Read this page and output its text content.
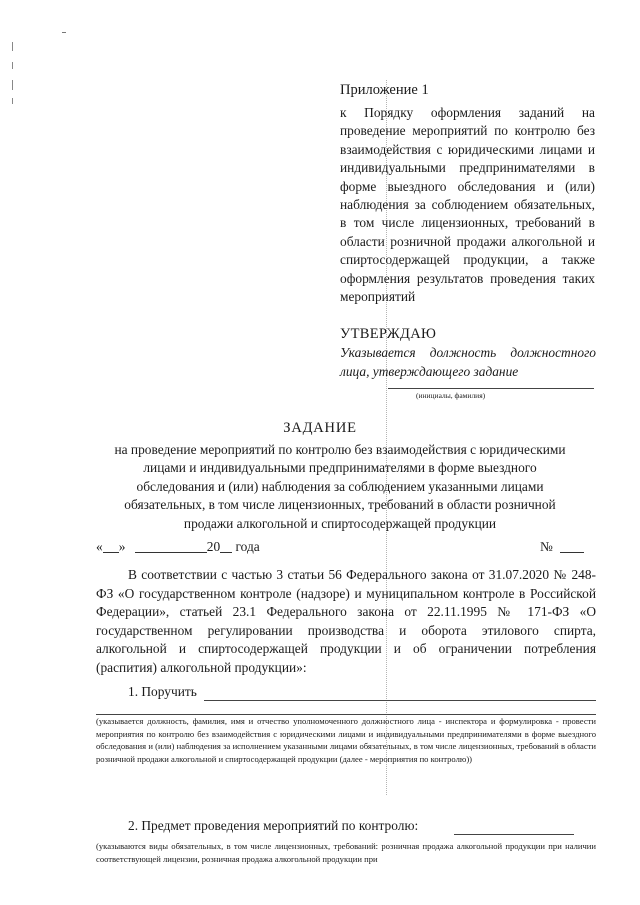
Приложение 1
к Порядку оформления заданий на проведение мероприятий по контролю без взаимодействия с юридическими лицами и индивидуальными предпринимателями в форме выездного обследования и (или) наблюдения за соблюдением обязательных, в том числе лицензионных, требований в области розничной продажи алкогольной и спиртосодержащей продукции, а также оформления результатов проведения таких мероприятий
УТВЕРЖДАЮ
Указывается должность должностного лица, утверждающего задание
(инициалы, фамилия)
ЗАДАНИЕ
на проведение мероприятий по контролю без взаимодействия с юридическими лицами и индивидуальными предпринимателями в форме выездного обследования и (или) наблюдения за соблюдением указанными лицами обязательных, в том числе лицензионных, требований в области розничной продажи алкогольной и спиртосодержащей продукции
« »	20 года	№
В соответствии с частью 3 статьи 56 Федерального закона от 31.07.2020 № 248-ФЗ «О государственном контроле (надзоре) и муниципальном контроле в Российской Федерации», статьей 23.1 Федерального закона от 22.11.1995 № 171-ФЗ «О государственном регулировании производства и оборота этилового спирта, алкогольной и спиртосодержащей продукции и об ограничении потребления (распития) алкогольной продукции»:
1. Поручить
(указывается должность, фамилия, имя и отчество уполномоченного должностного лица - инспектора и формулировка - провести мероприятия по контролю без взаимодействия с юридическими лицами и индивидуальными предпринимателями в форме выездного обследования и (или) наблюдения за исполнением указанными лицами обязательных, в том числе лицензионных, требований в области розничной продажи алкогольной и спиртосодержащей продукции (далее - мероприятия по контролю))
2. Предмет проведения мероприятий по контролю:
(указываются виды обязательных, в том числе лицензионных, требований: розничная продажа алкогольной продукции при наличии соответствующей лицензии, розничная продажа алкогольной продукции при
